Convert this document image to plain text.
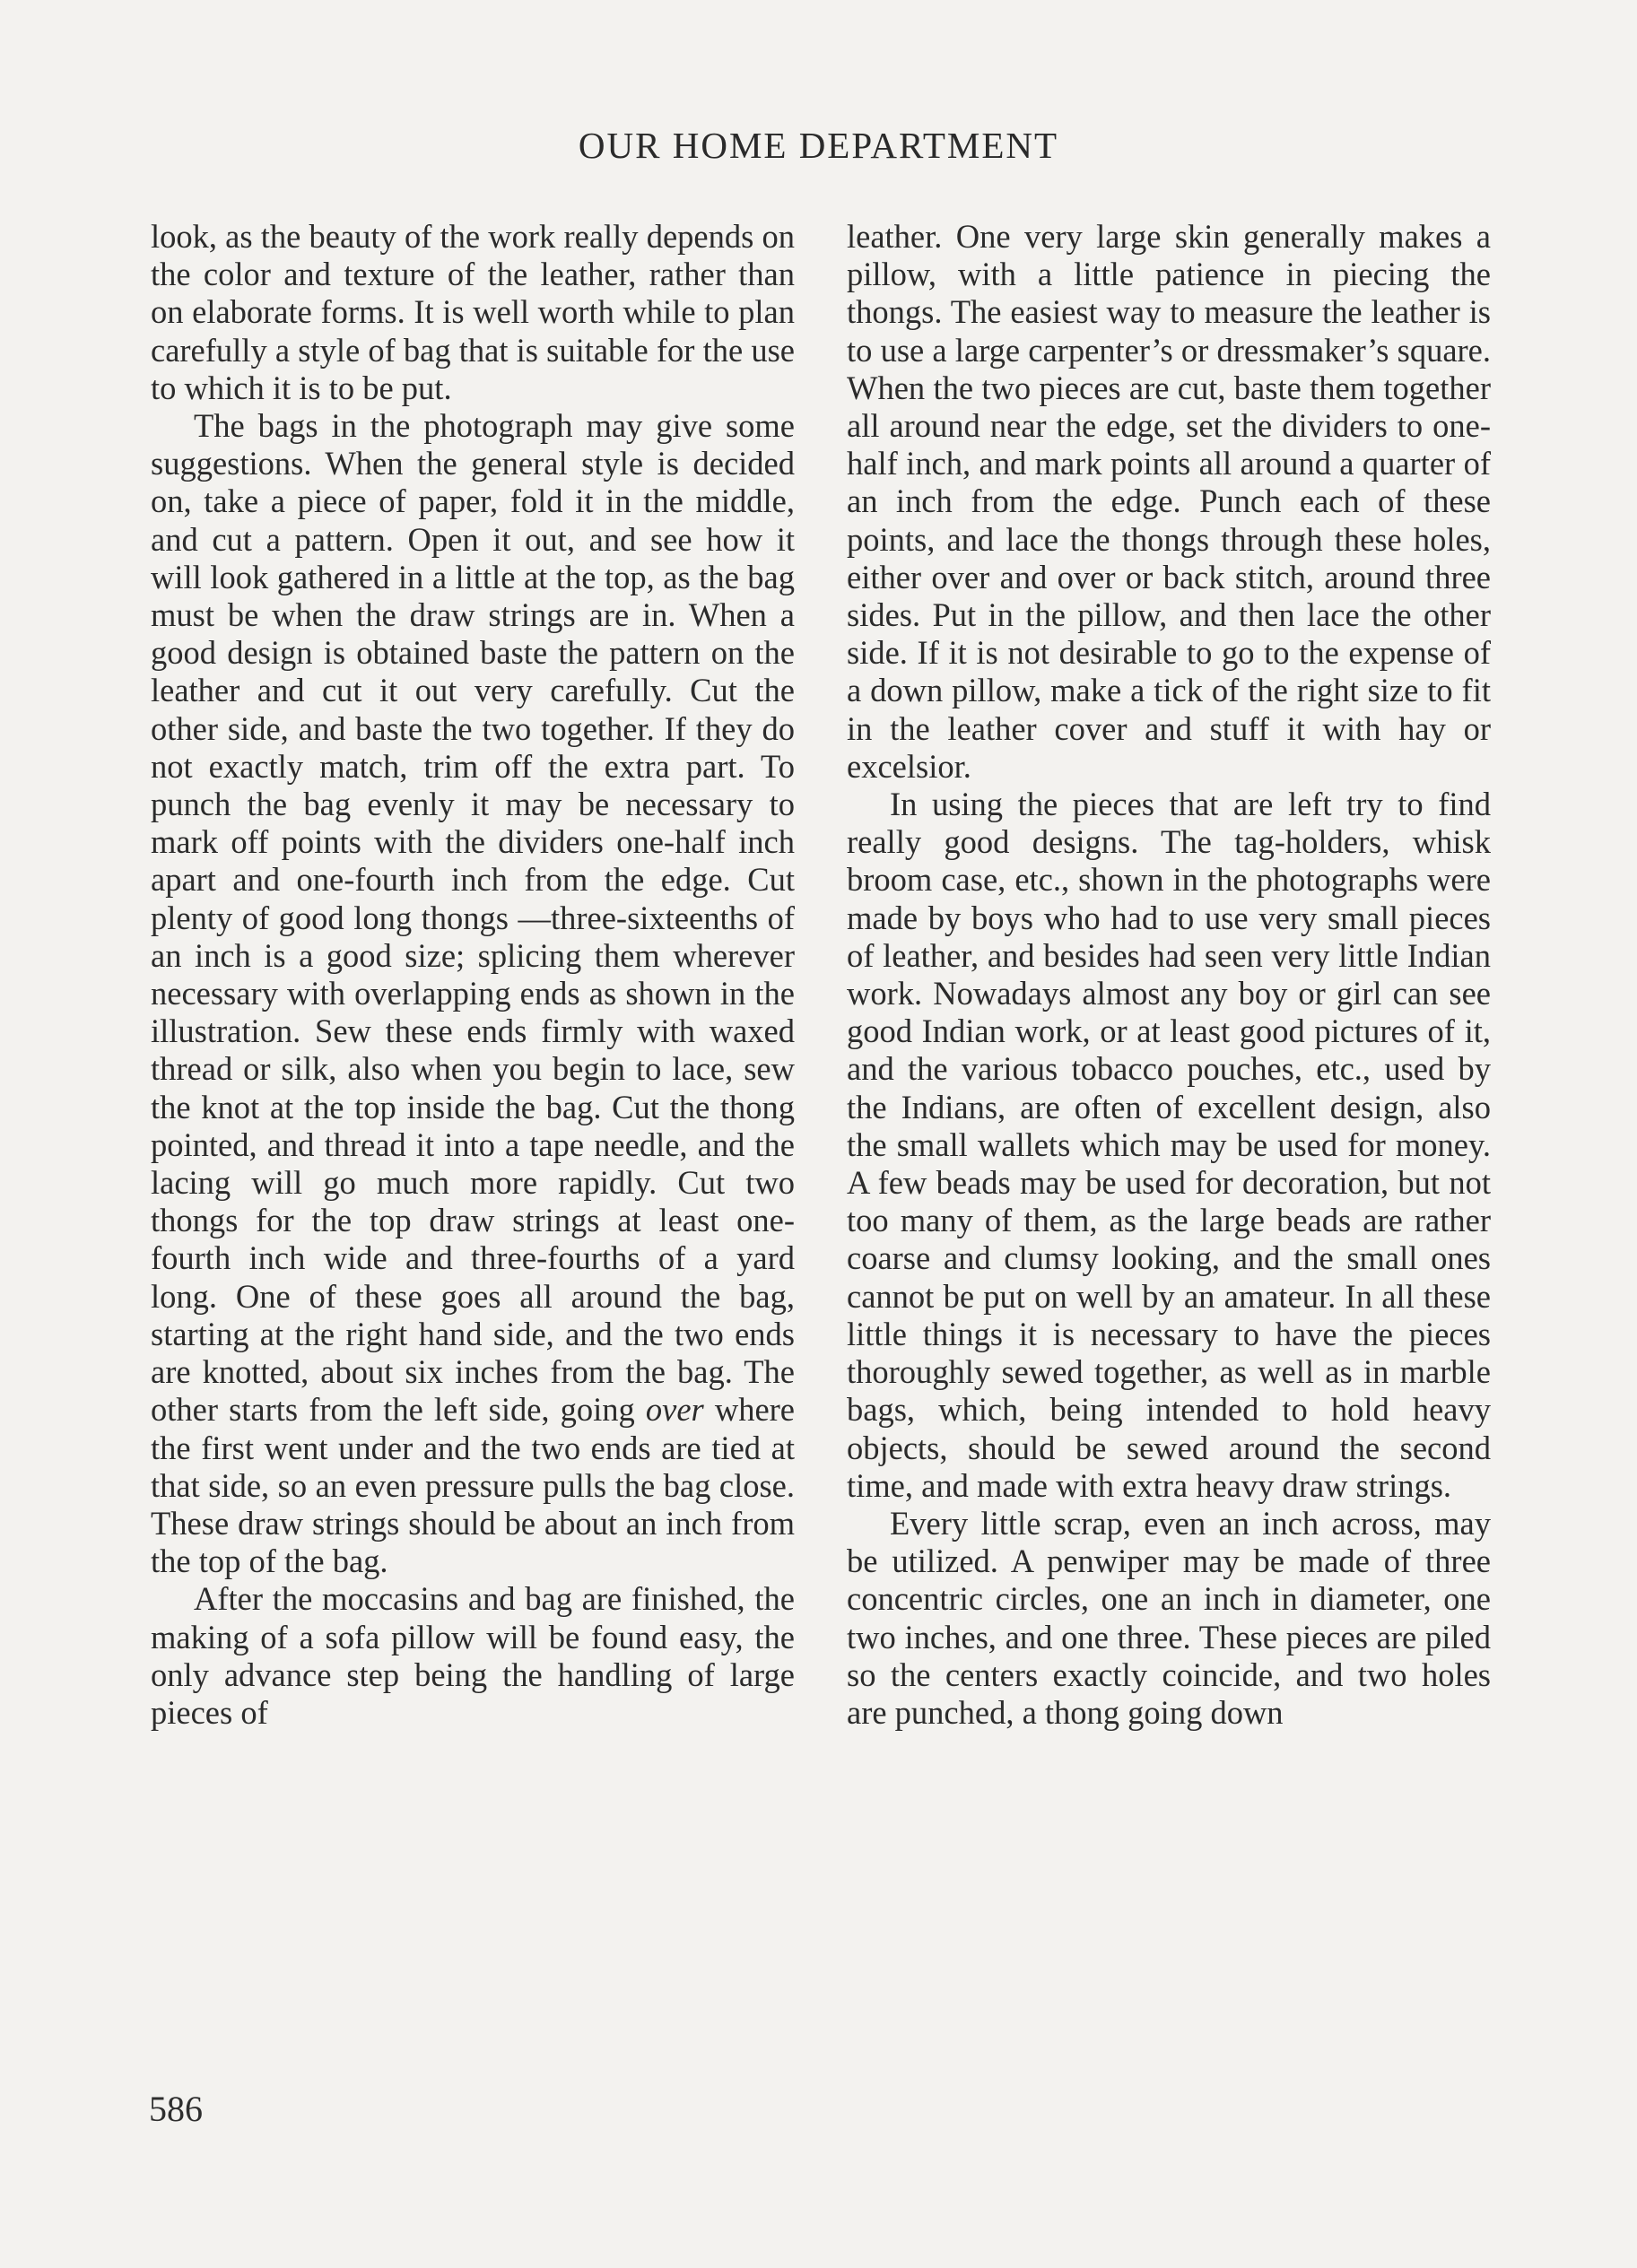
OUR HOME DEPARTMENT

look, as the beauty of the work really depends on the color and texture of the leather, rather than on elaborate forms. It is well worth while to plan carefully a style of bag that is suitable for the use to which it is to be put.

The bags in the photograph may give some suggestions. When the general style is decided on, take a piece of paper, fold it in the middle, and cut a pattern. Open it out, and see how it will look gathered in a little at the top, as the bag must be when the draw strings are in. When a good design is obtained baste the pattern on the leather and cut it out very carefully. Cut the other side, and baste the two together. If they do not exactly match, trim off the extra part. To punch the bag evenly it may be necessary to mark off points with the dividers one-half inch apart and one-fourth inch from the edge. Cut plenty of good long thongs —three-sixteenths of an inch is a good size; splicing them wherever necessary with overlapping ends as shown in the illustration. Sew these ends firmly with waxed thread or silk, also when you begin to lace, sew the knot at the top inside the bag. Cut the thong pointed, and thread it into a tape needle, and the lacing will go much more rapidly. Cut two thongs for the top draw strings at least one-fourth inch wide and three-fourths of a yard long. One of these goes all around the bag, starting at the right hand side, and the two ends are knotted, about six inches from the bag. The other starts from the left side, going over where the first went under and the two ends are tied at that side, so an even pressure pulls the bag close. These draw strings should be about an inch from the top of the bag.

After the moccasins and bag are finished, the making of a sofa pillow will be found easy, the only advance step being the handling of large pieces of

leather. One very large skin generally makes a pillow, with a little patience in piecing the thongs. The easiest way to measure the leather is to use a large carpenter’s or dressmaker’s square. When the two pieces are cut, baste them together all around near the edge, set the dividers to one-half inch, and mark points all around a quarter of an inch from the edge. Punch each of these points, and lace the thongs through these holes, either over and over or back stitch, around three sides. Put in the pillow, and then lace the other side. If it is not desirable to go to the expense of a down pillow, make a tick of the right size to fit in the leather cover and stuff it with hay or excelsior.

In using the pieces that are left try to find really good designs. The tag-holders, whisk broom case, etc., shown in the photographs were made by boys who had to use very small pieces of leather, and besides had seen very little Indian work. Nowadays almost any boy or girl can see good Indian work, or at least good pictures of it, and the various tobacco pouches, etc., used by the Indians, are often of excellent design, also the small wallets which may be used for money. A few beads may be used for decoration, but not too many of them, as the large beads are rather coarse and clumsy looking, and the small ones cannot be put on well by an amateur. In all these little things it is necessary to have the pieces thoroughly sewed together, as well as in marble bags, which, being intended to hold heavy objects, should be sewed around the second time, and made with extra heavy draw strings.

Every little scrap, even an inch across, may be utilized. A penwiper may be made of three concentric circles, one an inch in diameter, one two inches, and one three. These pieces are piled so the centers exactly coincide, and two holes are punched, a thong going down

586
